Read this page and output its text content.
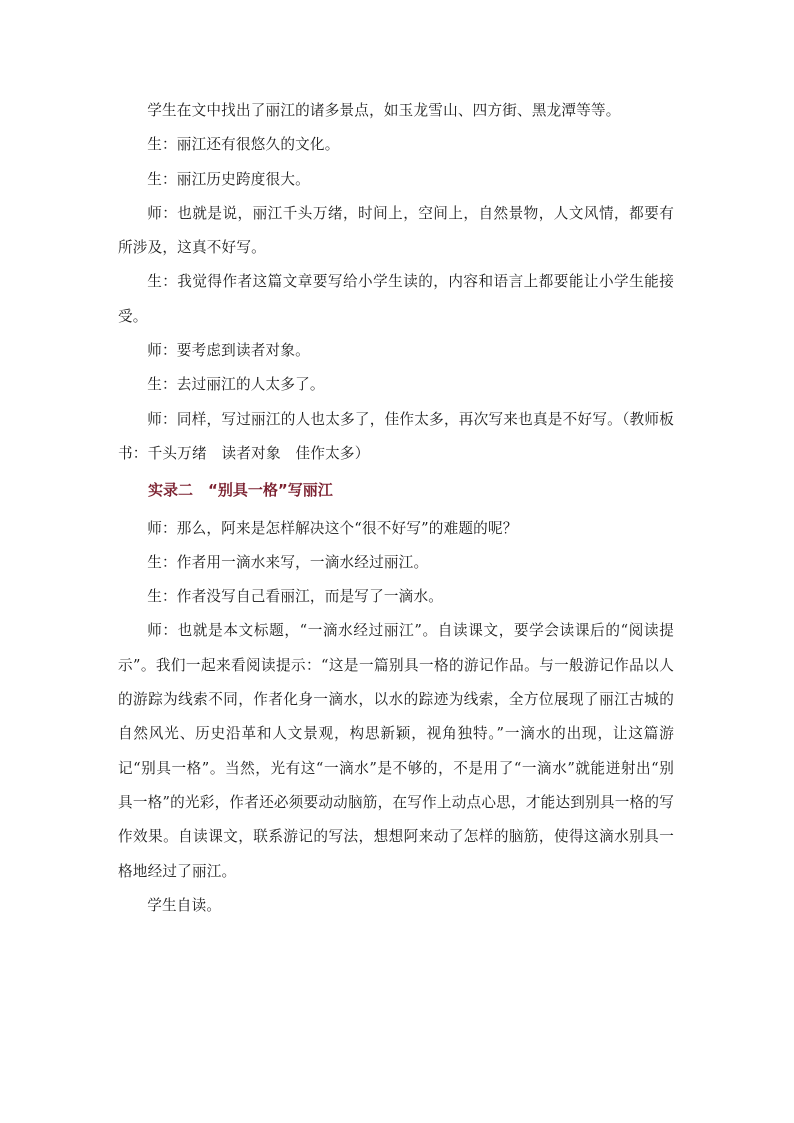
学生在文中找出了丽江的诸多景点，如玉龙雪山、四方街、黑龙潭等等。

生：丽江还有很悠久的文化。

生：丽江历史跨度很大。

师：也就是说，丽江千头万绪，时间上，空间上，自然景物，人文风情，都要有所涉及，这真不好写。

生：我觉得作者这篇文章要写给小学生读的，内容和语言上都要能让小学生能接受。

师：要考虑到读者对象。

生：去过丽江的人太多了。

师：同样，写过丽江的人也太多了，佳作太多，再次写来也真是不好写。（教师板书：千头万绪　读者对象　佳作太多）

实录二　“别具一格”写丽江

师：那么，阿来是怎样解决这个“很不好写”的难题的呢？

生：作者用一滴水来写，一滴水经过丽江。

生：作者没写自己看丽江，而是写了一滴水。

师：也就是本文标题，“一滴水经过丽江”。自读课文，要学会读课后的“阅读提示”。我们一起来看阅读提示：“这是一篇别具一格的游记作品。与一般游记作品以人的游踪为线索不同，作者化身一滴水，以水的踪迹为线索，全方位展现了丽江古城的自然风光、历史沿革和人文景观，构思新颖，视角独特。”一滴水的出现，让这篇游记“别具一格”。当然，光有这“一滴水”是不够的，不是用了“一滴水”就能迸射出“别具一格”的光彩，作者还必须要动动脑筋，在写作上动点心思，才能达到别具一格的写作效果。自读课文，联系游记的写法，想想阿来动了怎样的脑筋，使得这滴水别具一格地经过了丽江。

学生自读。
